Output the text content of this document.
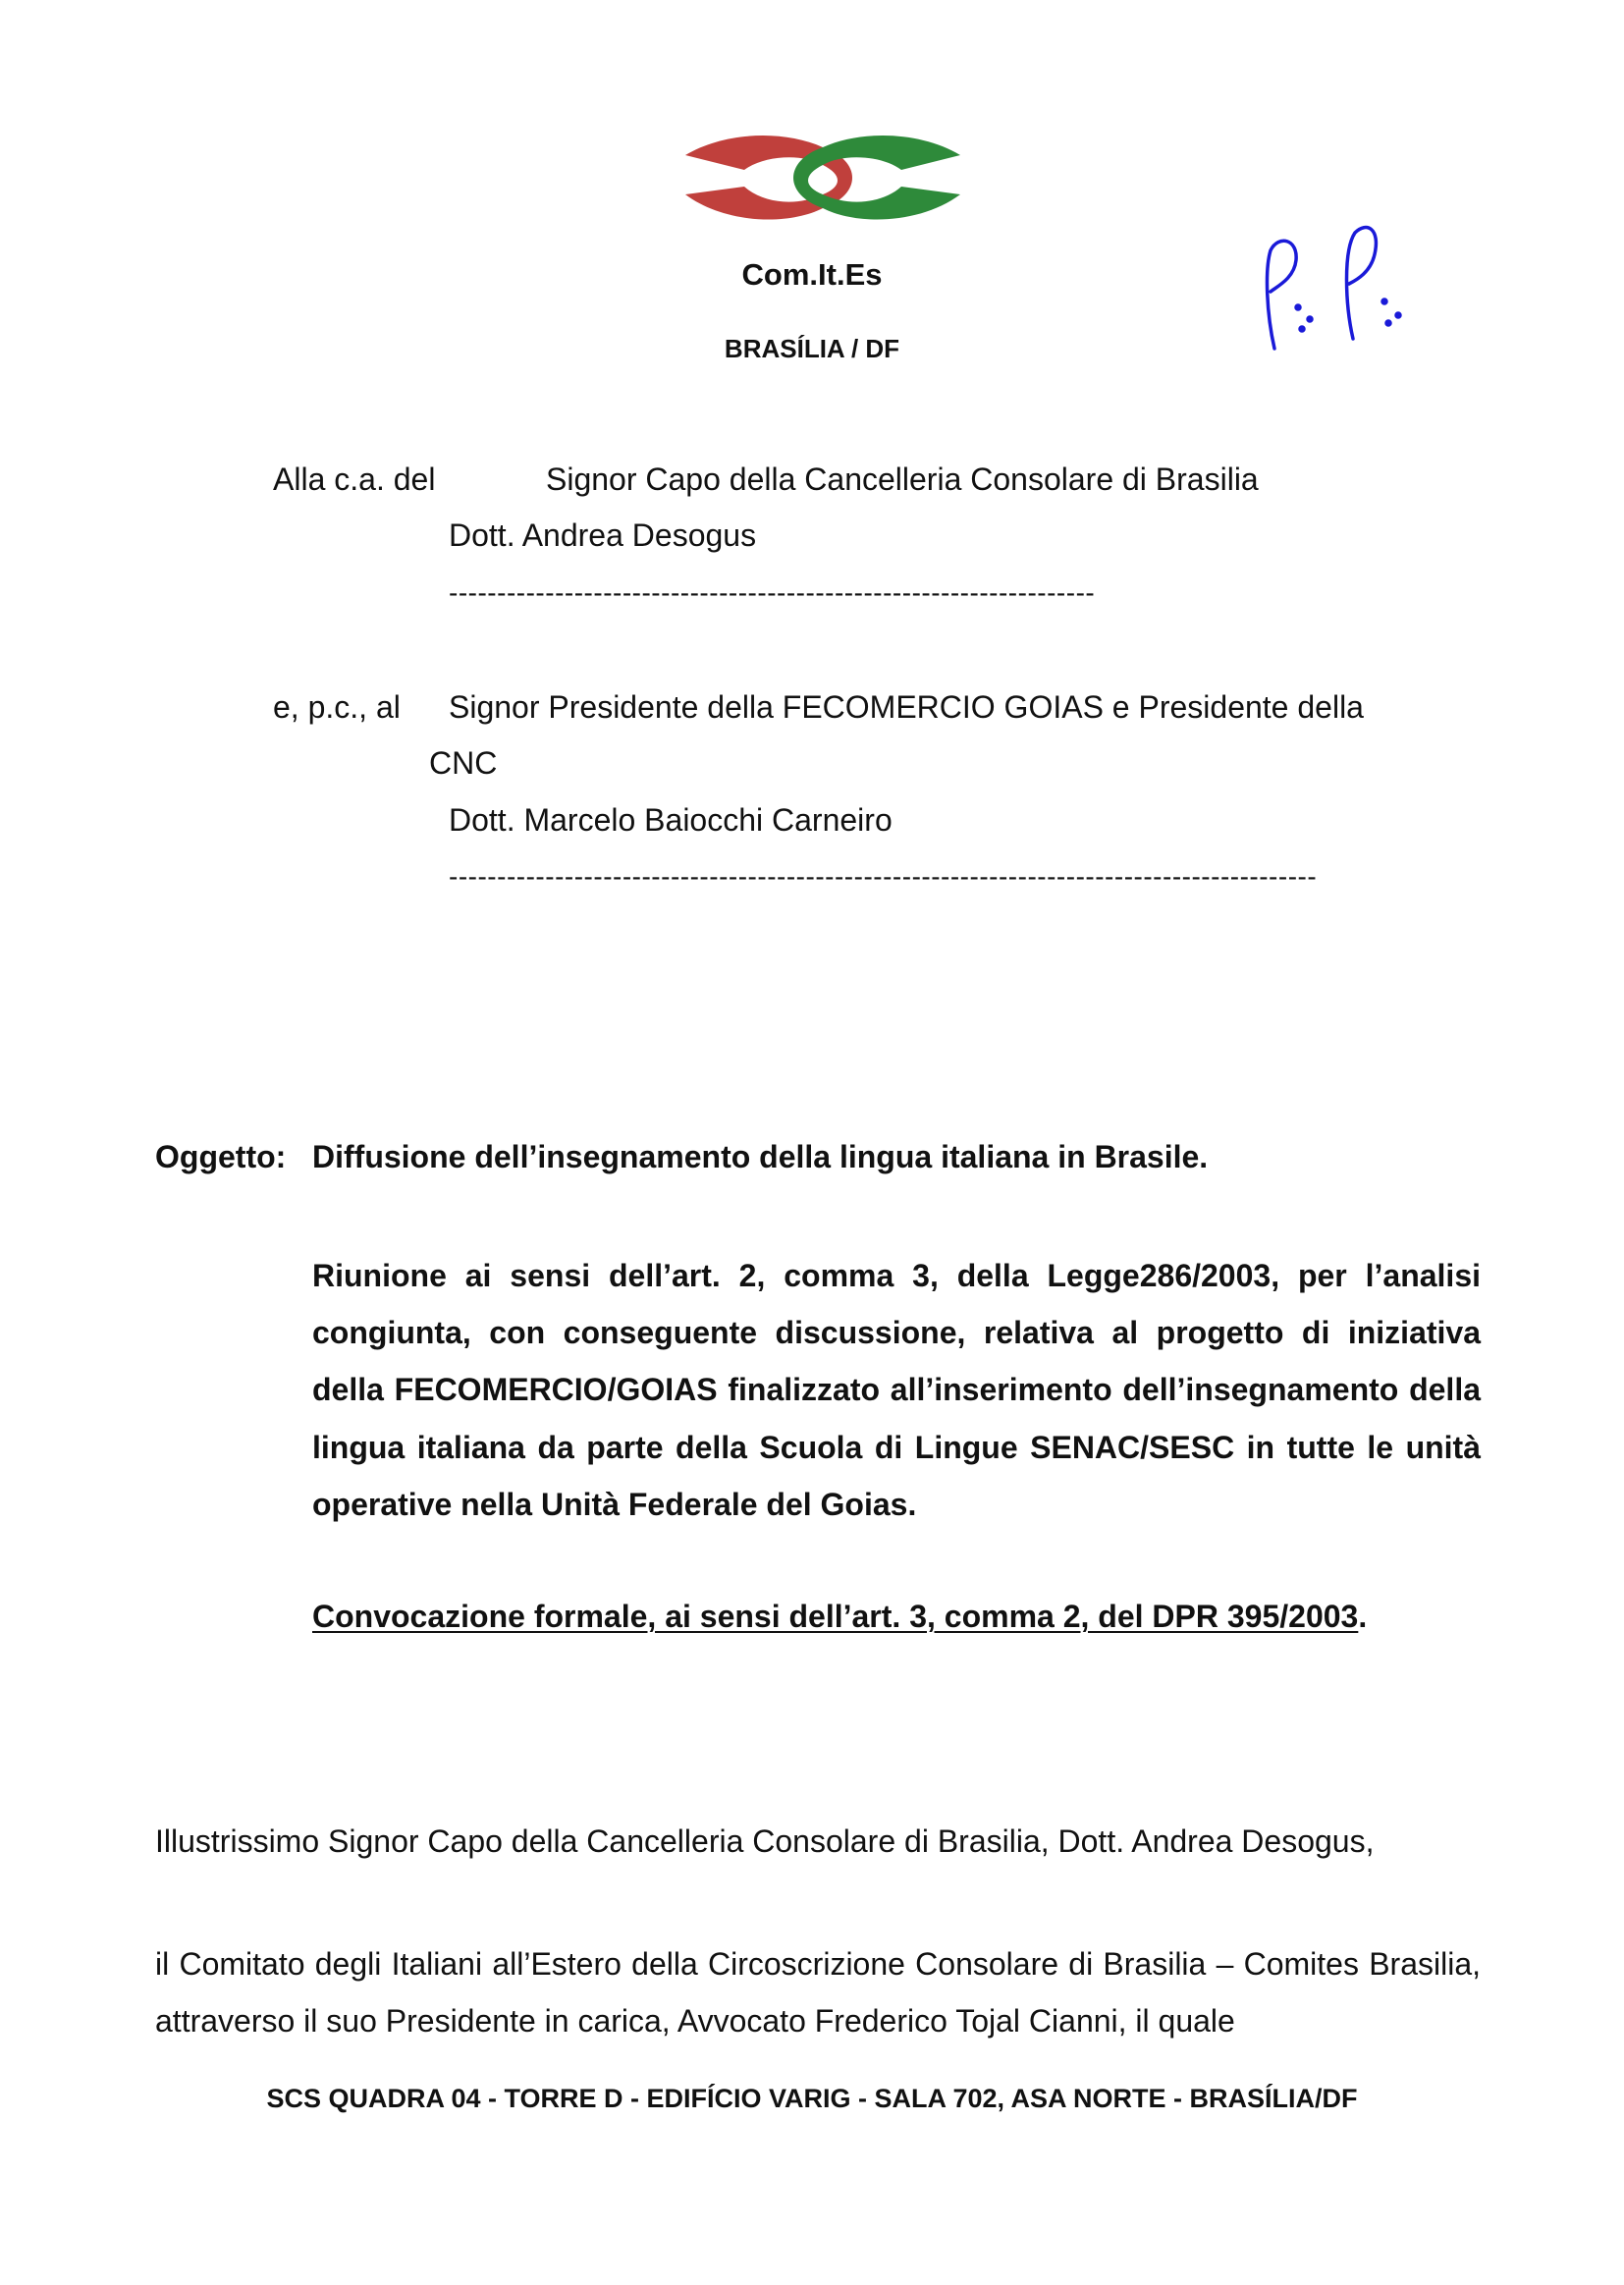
Com.It.Es
BRASÍLIA / DF
Alla c.a. del	Signor Capo della Cancelleria Consolare di Brasilia
Dott. Andrea Desogus
-------------------------------------------------------------------
e, p.c., al Signor Presidente della FECOMERCIO GOIAS e Presidente della
CNC
Dott. Marcelo Baiocchi Carneiro
------------------------------------------------------------------------------------------
Oggetto: Diffusione dell’insegnamento della lingua italiana in Brasile.
Riunione ai sensi dell’art. 2, comma 3, della Legge286/2003, per l’analisi congiunta, con conseguente discussione, relativa al progetto di iniziativa della FECOMERCIO/GOIAS finalizzato all’inserimento dell’insegnamento della lingua italiana da parte della Scuola di Lingue SENAC/SESC in tutte le unità operative nella Unità Federale del Goias.
Convocazione formale, ai sensi dell’art. 3, comma 2, del DPR 395/2003.
Illustrissimo Signor Capo della Cancelleria Consolare di Brasilia, Dott. Andrea Desogus,
il Comitato degli Italiani all’Estero della Circoscrizione Consolare di Brasilia – Comites Brasilia, attraverso il suo Presidente in carica, Avvocato Frederico Tojal Cianni, il quale
SCS QUADRA 04 - TORRE D - EDIFÍCIO VARIG - SALA 702, ASA NORTE - BRASÍLIA/DF
